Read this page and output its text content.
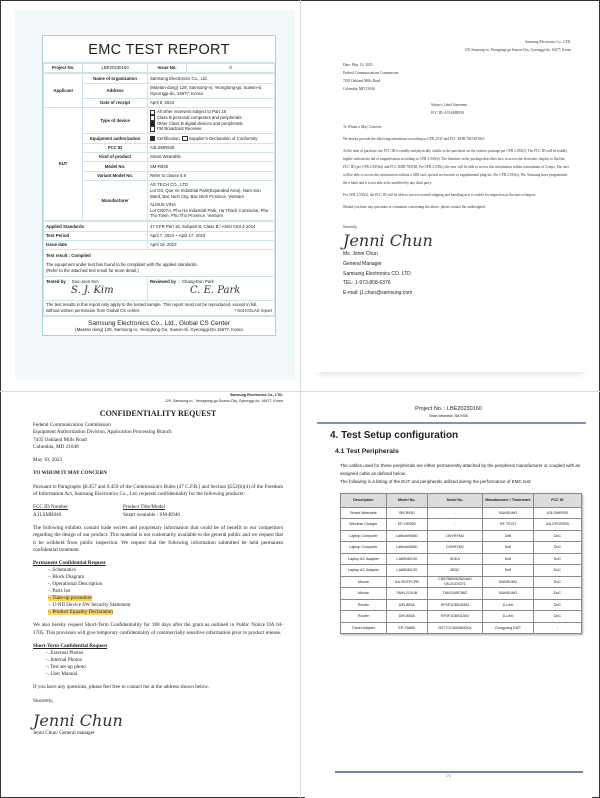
EMC TEST REPORT
Project No.	LBE20230160	Issue No.	0
Applicant	Name of organization	Samsung Electronics Co., Ltd.
	Address	(Maetan-dong) 129, Samsung-ro, Yeongtong-gu, Suwon-si, Gyeonggi-do, 16677, Korea
	Date of receipt	April 5, 2023
EUT	Type of device	All other receivers subject to Part 15
Class B personal computers and peripherals
Other Class B digital devices and peripherals
FM Broadcast Receiver

	Equipment authorization	Certification Supplier's Declaration of Conformity
	FCC ID	A3LSMR930
	Kind of product	Smart Wearable
	Model No.	SM-R930
	Variant Model No.	Refer to clause 4.6
	Manufacturer	AG TECH CO., LTD
Lot O3, Que Vo Industrial Park(Expanded Area), Nam Son Ward, Bac Ninh City, Bac Ninh Province, Vietnam
ALMUS VINA
Lot CN07A, Phu Ha Industrial Park, Ha Thach Commune, Phu Tho Town, Phu Tho Province, Vietnam
Applied Standards	47 CFR Part 15, Subpart B, Class B / ANSI C63.4-2014
Test Period	April 7, 2023 ~ April 17, 2023
Issue date	April 19, 2023

Test result : Complied
The equipment under test has found to be compliant with the applied standards.
(Refer to the attached test result for more detail.)	

Tested by  :  Soo-Joon Kim
S. J. Kim	Reviewed by  :  Chang-Eun Park
C. E. Park

The test results in this report only apply to the tested sample. This report must not be reproduced, except in full, without written permission from Global CS center. * Not KOLAS report	
Samsung Electronics Co., Ltd., Global CS Center
(Maetan dong) 129, Samsung-ro, Yeongtong-Gu, Suwon-Si, Gyeonggi-Do 16677, Korea

Samsung Electronics Co., LTD.

129, Samsung-ro, Yeongtong-gu Suwon-City, Gyeonggi-do, 16677, Korea

Date: May. 10, 2023

Federal Communications Commission

7435 Oakland Mills Road

Columbia, MD 21046

Subject: Label Statement

FCC ID: A3LSMR930

To Whom it May Concern:

We hereby provide the following attestations according to CFR 2.935 and FCC KDB 784748 D02:

At the time of purchase, the FCC ID is readily and physically visible to the purchaser on the exterior package per CFR 2.935(f). The FCC ID will be readily legible without the aid of magnification according to CFR 2.935(d). The literature in the package describes how to access the electronic display to find the FCC ID (per CFR 2.935(b)) and FCC KDB 784748. Per CFR 2.935(c) the user will be able to access this information within a maximum of 3 steps. The user will be able to access this information without a SIM card, special accessories or supplemental plug-ins. Per CFR 2.935(e), We, Samsung have programmed the e-label and it is not able to be modified by any third party.

Per CFR 2.935(f), the FCC ID will be able to survive normal shipping and handling as it is visible for inspection at the time of import.

Should you have any questions or comments concerning the above, please contact the undersigned.

Sincerely,

Jenni Chun
Ms. Jenni Chun
General Manager
Samsung Electronics CO. LTD
TEL: 1-973-808-6376
E-mail: j1.chun@samsung.com
Samsung Electronics Co., LTD.
129, Samsung-ro , Yeongtong-gu Suwon-City, Gyeonggi-do, 16677, Korea
CONFIDENTIALITY REQUEST

Federal Communication Commission

Equipment Authorization Division, Application Processing Branch

7435 Oakland Mills Road

Columbia, MD 21048

May 10, 2023

TO WHOM IT MAY CONCERN

Pursuant to Paragraphs §0.457 and 0.459 of the Commission's Rules (47 C.F.R.) and Section §552(b)(4) of the Freedom of Information Act, Samsung Electronics Co., Ltd. requests confidentiality for the following products:

FCC ID Number
A3LSMR940
Product Title/Model
Smart wearable / SM-R940

The following exhibits contain trade secrets and proprietary information that could be of benefit to our competitors regarding the design of our product. This material is not customarily available to the general public and we request that it be withheld from public inspection. We request that the following information submitted be held permanent confidential treatment.

Permanent Confidential Request
-. Schematics
-. Block Diagram
-. Operational Description
-. Parts list
-. Tune-up procedure
-. U-NII Device SW Security Statement
-. Product Equality Declaration

We also hereby request Short-Term Confidentiality for 180 days after the grant as outlined in Public Notice DA 04-1705. This provision will give temporary confidentiality of commercially sensitive information prior to product release.

Short-Term Confidential Request
-. External Photos
-. Internal Photos
-. Test set-up photo
-. User Manual

If you have any questions, please feel free to contact me at the address shown below.

Sincerely,

Jenni Chun

Jenni Chun/ General manager

Project No. : LBE20230160
Smart Wearable: SM-R930
4. Test Setup configuration
4.1 Test Peripherals
The cables used for these peripherals are either permanently attached by the peripheral manufacturer or coupled with an assigned cable as defined below.
The following is a listing of the EUT and peripherals utilized during the performance of EMC test:
Description	Model No.	Serial No.	Manufacturer / Trademark	FCC ID
Smart Wearable	SM-R930	-	SAMSUNG	A3LSMR930
Wireless Charger	EP-OR900	-	RF TECH	A3LEPOR900
Laptop Computer	Latitude5580	1WYRYM2	Dell	DoC
Laptop Computer	Latitude5580	D3HRYM2	Dell	DoC
Laptop AC Adapter	LA65NM130	5DEA	Dell	DoC
Laptop AC Adapter	LA65NM130	5B3C	Dell	DoC
Mouse	AA-SM7PCPB	CN57BA5903634AD V8JJCD4371	SAMSUNG	DoC
Mouse	SMH-210UB	TAKGA05788Z	SAMSUNG	DoC
Router	DIR-806A	RF0F1D8018454	D-Link	DoC
Router	DIR-806A	RF0F1D8011504	D-Link	DoC
Travel Adapter	EP-TA800	R37TCCA006BDKA	Dongyang E&P	-
/71
